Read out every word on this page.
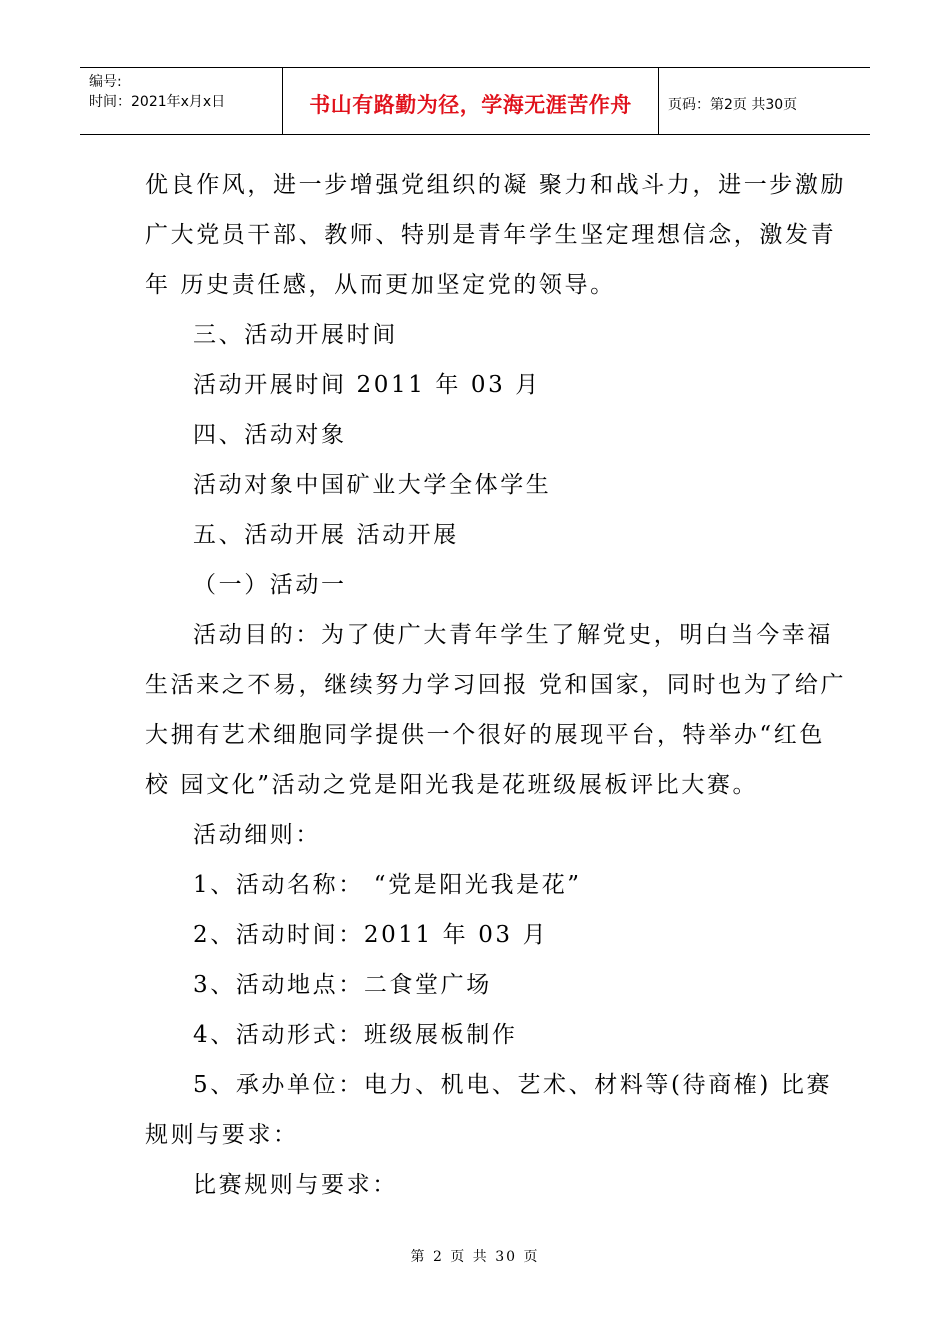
编号:
时间：2021年x月x日	书山有路勤为径，学海无涯苦作舟	页码：第2页 共30页
优良作风，进一步增强党组织的凝 聚力和战斗力，进一步激励
广大党员干部、教师、特别是青年学生坚定理想信念，激发青
年 历史责任感，从而更加坚定党的领导。
三、活动开展时间
活动开展时间 2011 年 03 月
四、活动对象
活动对象中国矿业大学全体学生
五、活动开展 活动开展
（一）活动一
活动目的：为了使广大青年学生了解党史，明白当今幸福
生活来之不易，继续努力学习回报 党和国家，同时也为了给广
大拥有艺术细胞同学提供一个很好的展现平台，特举办“红色
校 园文化”活动之党是阳光我是花班级展板评比大赛。
活动细则：
1、活动名称： “党是阳光我是花”
2、活动时间：2011 年 03 月
3、活动地点：二食堂广场
4、活动形式：班级展板制作
5、承办单位：电力、机电、艺术、材料等(待商榷) 比赛
规则与要求：
比赛规则与要求：
第 2 页 共 30 页
